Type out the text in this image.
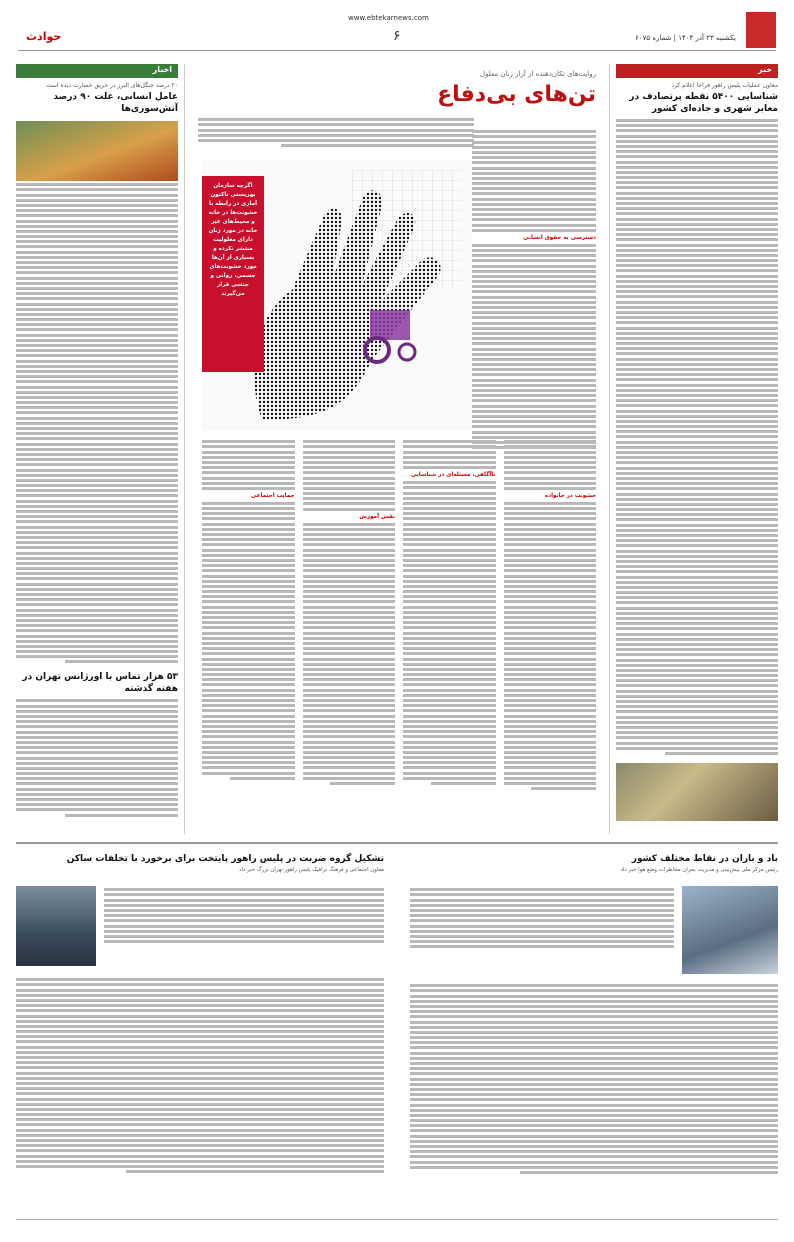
حوادث
www.ebtekarnews.com
۶	یکشنبه ۲۳ آذر ۱۴۰۴ | شماره ۶۰۷۵
خبر
معاون عملیات پلیس راهور فراجا اعلام کرد
شناسایی ۵۴۰۰ نقطه پرتصادف در معابر شهری و جاده‌ای کشور
اخبار
۲۰ درصد جنگل‌های البرز در حریق خسارت دیده است
عامل انسانی، علت ۹۰ درصد آتش‌سوزی‌ها
۵۳ هزار تماس با اورژانس تهران در هفته گذشته
روایت‌های تکان‌دهنده از آزار زنان معلول
تن‌های بی‌دفاع
اگرچه سازمان بهزیستی تاکنون آماری در رابطه با خشونت‌ها در خانه و محیط‌های غیر خانه در مورد زنان دارای معلولیت منتشر نکرده و بسیاری از آن‌ها مورد خشونت‌های جسمی، روانی و جنسی قرار می‌گیرند
دسترسی به حقوق انسانی
خشونت در خانواده
ناآگاهی، مسئله‌ای در شناسایی
نقش آموزش
حمایت اجتماعی
باد و باران در نقاط مختلف کشور
رئیس مرکز ملی پیش‌بینی و مدیریت بحران مخاطرات وضع هوا خبر داد
تشکیل گروه ضربت در پلیس راهور پایتخت برای برخورد با تخلفات ساکن
معاون اجتماعی و فرهنگ ترافیک پلیس راهور تهران بزرگ خبر داد
